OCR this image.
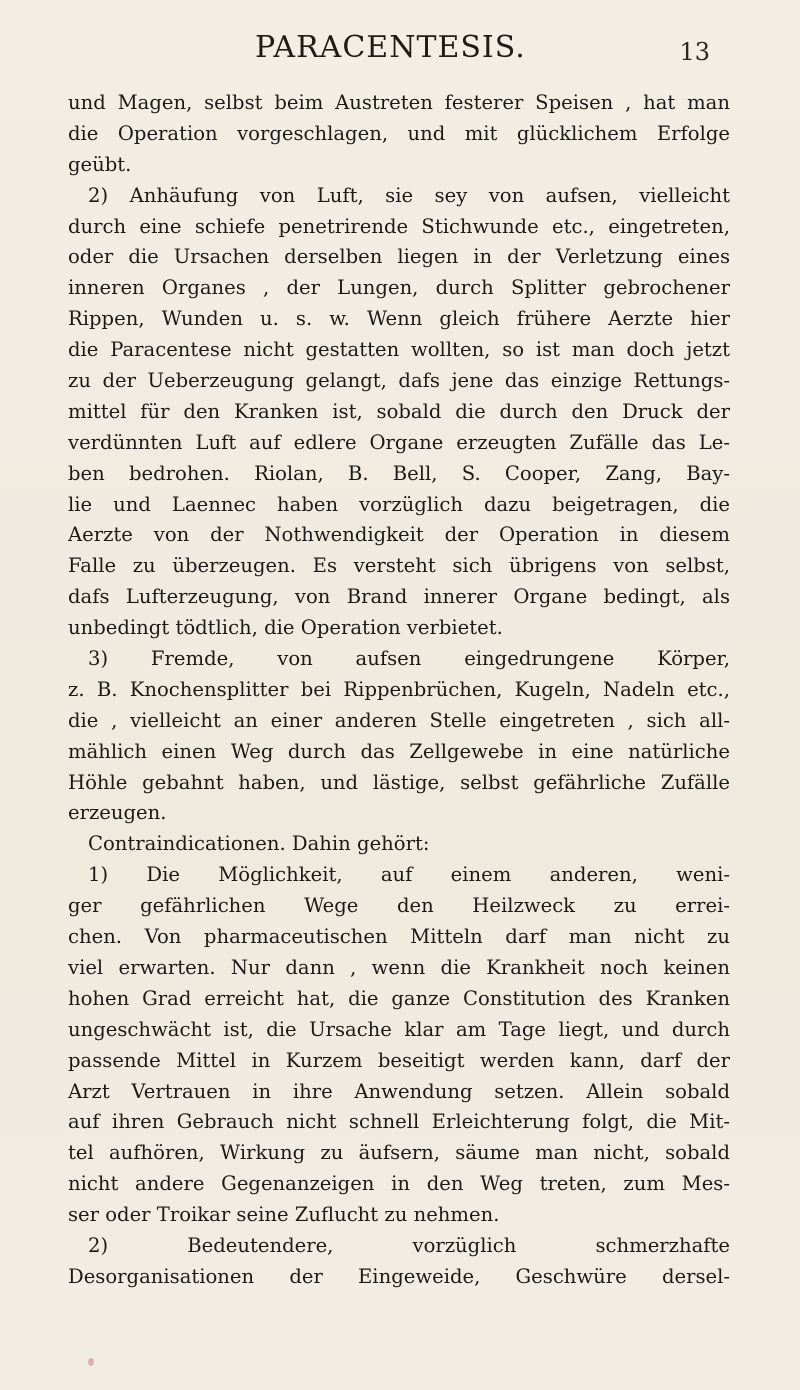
PARACENTESIS.	13
und Magen, selbst beim Austreten festerer Speisen , hat man
die Operation vorgeschlagen, und mit glücklichem Erfolge
geübt.
2) Anhäufung von Luft, sie sey von aufsen, vielleicht
durch eine schiefe penetrirende Stichwunde etc., eingetreten,
oder die Ursachen derselben liegen in der Verletzung eines
inneren Organes , der Lungen, durch Splitter gebrochener
Rippen, Wunden u. s. w. Wenn gleich frühere Aerzte hier
die Paracentese nicht gestatten wollten, so ist man doch jetzt
zu der Ueberzeugung gelangt, dafs jene das einzige Rettungs-
mittel für den Kranken ist, sobald die durch den Druck der
verdünnten Luft auf edlere Organe erzeugten Zufälle das Le-
ben bedrohen. Riolan, B. Bell, S. Cooper, Zang, Bay-
lie und Laennec haben vorzüglich dazu beigetragen, die
Aerzte von der Nothwendigkeit der Operation in diesem
Falle zu überzeugen. Es versteht sich übrigens von selbst,
dafs Lufterzeugung, von Brand innerer Organe bedingt, als
unbedingt tödtlich, die Operation verbietet.
3) Fremde, von aufsen eingedrungene Körper,
z. B. Knochensplitter bei Rippenbrüchen, Kugeln, Nadeln etc.,
die , vielleicht an einer anderen Stelle eingetreten , sich all-
mählich einen Weg durch das Zellgewebe in eine natürliche
Höhle gebahnt haben, und lästige, selbst gefährliche Zufälle
erzeugen.
Contraindicationen. Dahin gehört:
1) Die Möglichkeit, auf einem anderen, weni-
ger gefährlichen Wege den Heilzweck zu errei-
chen. Von pharmaceutischen Mitteln darf man nicht zu
viel erwarten. Nur dann , wenn die Krankheit noch keinen
hohen Grad erreicht hat, die ganze Constitution des Kranken
ungeschwächt ist, die Ursache klar am Tage liegt, und durch
passende Mittel in Kurzem beseitigt werden kann, darf der
Arzt Vertrauen in ihre Anwendung setzen. Allein sobald
auf ihren Gebrauch nicht schnell Erleichterung folgt, die Mit-
tel aufhören, Wirkung zu äufsern, säume man nicht, sobald
nicht andere Gegenanzeigen in den Weg treten, zum Mes-
ser oder Troikar seine Zuflucht zu nehmen.
2) Bedeutendere, vorzüglich schmerzhafte
Desorganisationen der Eingeweide, Geschwüre dersel-
